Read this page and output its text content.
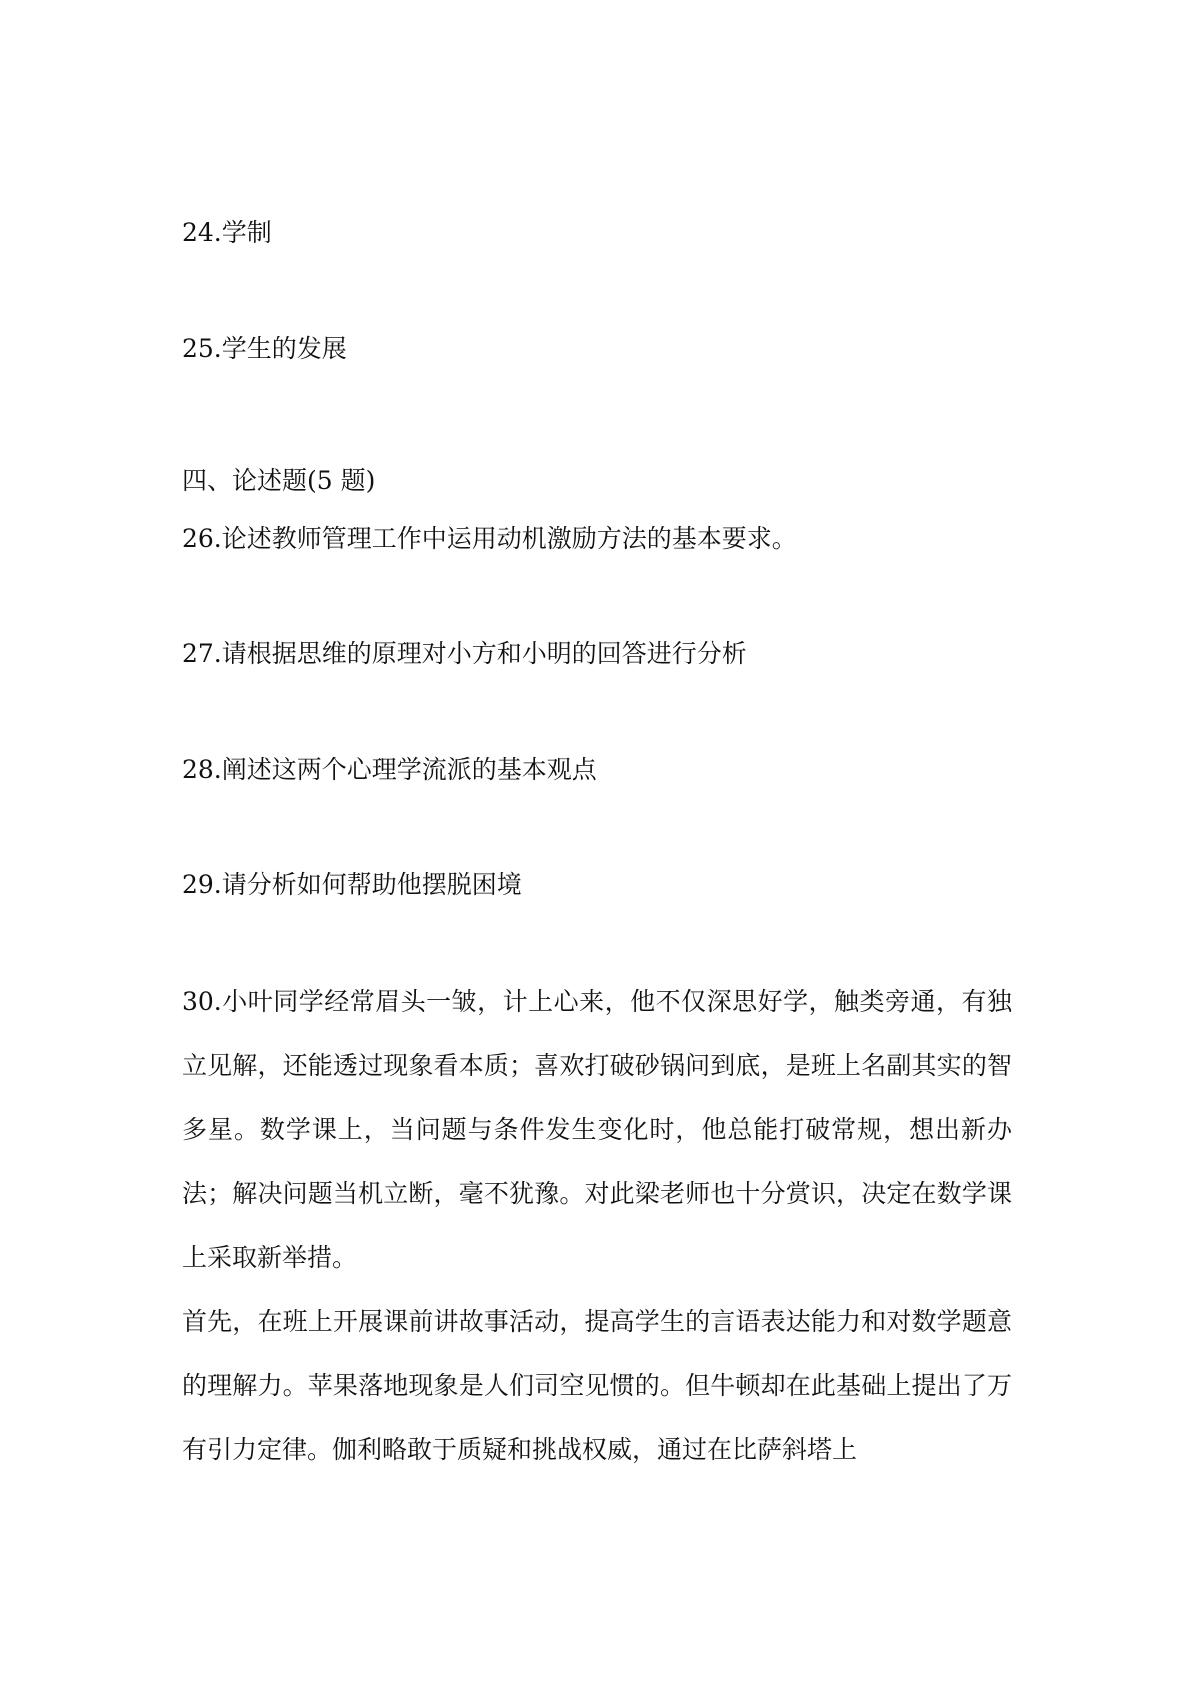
24.学制

25.学生的发展

四、论述题(5 题)

26.论述教师管理工作中运用动机激励方法的基本要求。

27.请根据思维的原理对小方和小明的回答进行分析

28.阐述这两个心理学流派的基本观点

29.请分析如何帮助他摆脱困境

30.小叶同学经常眉头一皱，计上心来，他不仅深思好学，触类旁通，有独立见解，还能透过现象看本质；喜欢打破砂锅问到底，是班上名副其实的智多星。数学课上，当问题与条件发生变化时，他总能打破常规，想出新办法；解决问题当机立断，毫不犹豫。对此梁老师也十分赏识，决定在数学课上采取新举措。

首先，在班上开展课前讲故事活动，提高学生的言语表达能力和对数学题意的理解力。苹果落地现象是人们司空见惯的。但牛顿却在此基础上提出了万有引力定律。伽利略敢于质疑和挑战权威，通过在比萨斜塔上
